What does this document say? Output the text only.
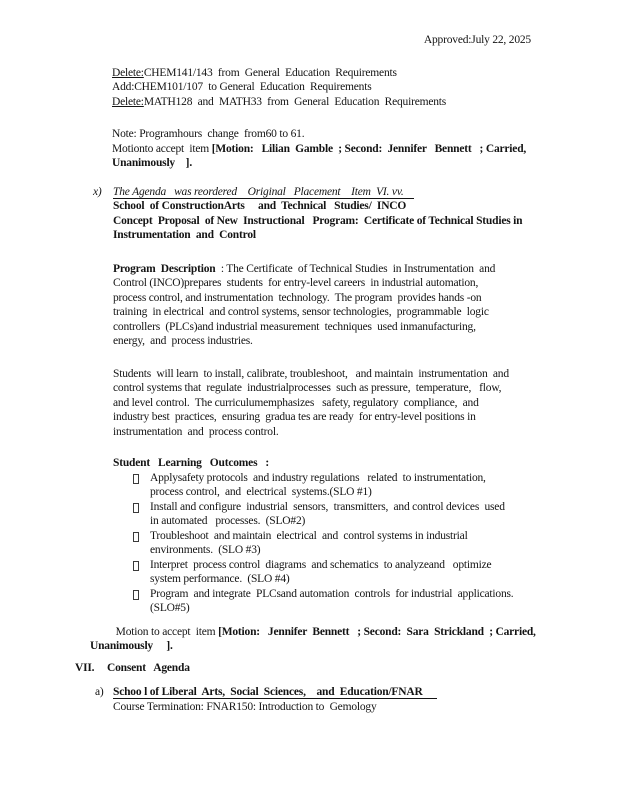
Approved:July 22, 2025
Delete:CHEM141/143  from  General  Education  Requirements
Add:CHEM101/107  to General  Education  Requirements
Delete:MATH128  and  MATH33  from  General  Education  Requirements
Note: Programhours  change  from60 to 61.
Motionto accept  item [Motion:   Lilian  Gamble  ; Second:  Jennifer   Bennett   ; Carried,
Unanimously    ].
x) The Agenda   was reordered    Original   Placement    Item  VI. vv.
School  of ConstructionArts     and  Technical   Studies/  INCO
Concept  Proposal  of New  Instructional   Program:  Certificate of Technical Studies in
Instrumentation  and  Control
Program  Description  : The Certificate  of Technical Studies  in Instrumentation  and
Control (INCO)prepares  students  for entry-level careers  in industrial automation,
process control, and instrumentation  technology.  The program  provides hands -on
training  in electrical  and control systems, sensor technologies,  programmable  logic
controllers  (PLCs)and industrial measurement  techniques  used inmanufacturing,
energy,  and  process industries.
Students  will learn  to install, calibrate, troubleshoot,   and maintain  instrumentation  and
control systems that  regulate  industrialprocesses  such as pressure,  temperature,   flow,
and level control.  The curriculumemphasizes   safety, regulatory  compliance,  and
industry best  practices,  ensuring  gradua tes are ready  for entry-level positions in
instrumentation  and  process control.
Student   Learning   Outcomes   :
Applysafety protocols  and industry regulations   related  to instrumentation,
process control,  and  electrical  systems.(SLO #1)
Install and configure  industrial  sensors,  transmitters,  and control devices  used
in automated   processes.  (SLO#2)
Troubleshoot  and maintain  electrical  and  control systems in industrial
environments.  (SLO #3)
Interpret  process control  diagrams  and schematics  to analyzeand   optimize
system performance.  (SLO #4)
Program  and integrate  PLCsand automation  controls  for industrial  applications.
(SLO#5)
Motion to accept  item [Motion:   Jennifer  Bennett   ; Second:  Sara  Strickland  ; Carried,
Unanimously     ].
VII. Consent   Agenda
a) Schoo l of Liberal  Arts,  Social  Sciences,    and  Education/FNAR
Course Termination: FNAR150: Introduction to  Gemology
